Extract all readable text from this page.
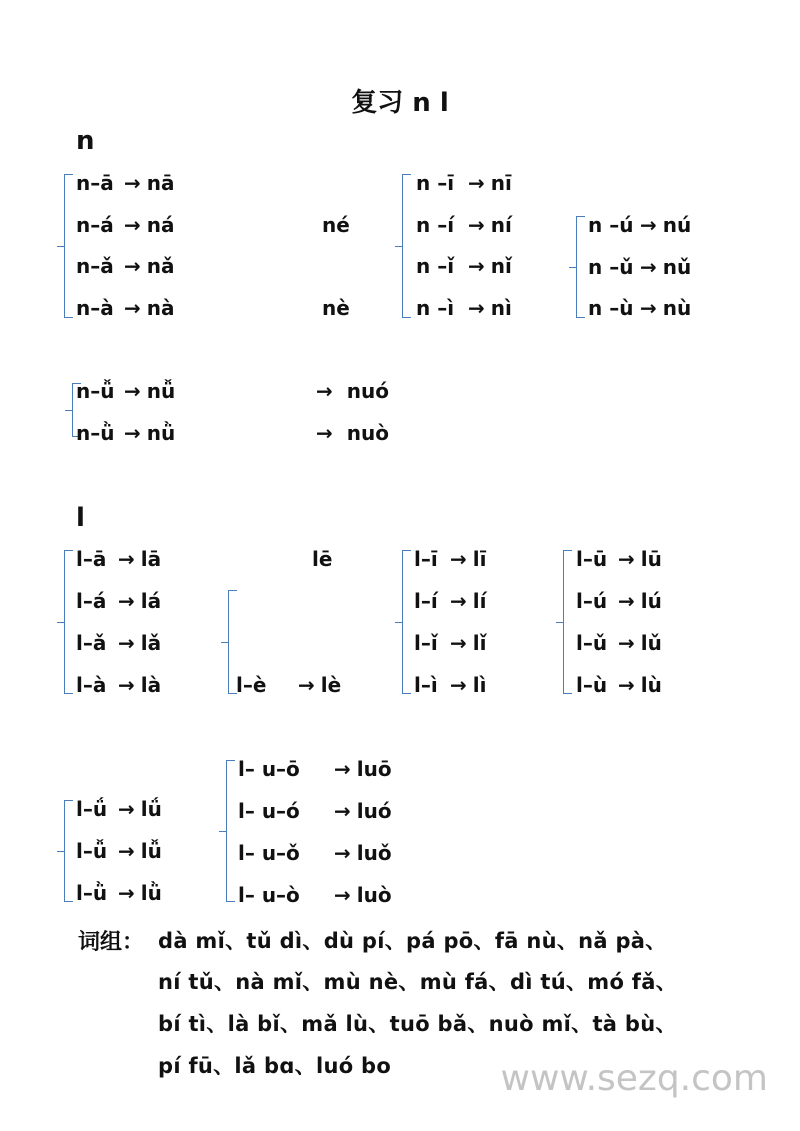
复习 n l
n
n–ā → nā
n–á → ná
n–ǎ → nǎ
n–à → nà
né
nè
n –ī → nī
n –í → ní
n –ǐ → nǐ
n –ì → nì
n –ú → nú
n –ǔ → nǔ
n –ù → nù
n–ǚ → nǚ
n–ǜ → nǜ
→ nuó
→ nuò
l
l–ā → lā
l–á → lá
l–ǎ → lǎ
l–à → là
lē
l–è → lè
l–ī → lī
l–í → lí
l–ǐ → lǐ
l–ì → lì
l–ū → lū
l–ú → lú
l–ǔ → lǔ
l–ù → lù
l–ǘ → lǘ
l–ǚ → lǚ
l–ǜ → lǜ
l– u–ō → luō
l– u–ó → luó
l– u–ǒ → luǒ
l– u–ò → luò
词组： dà mǐ、tǔ dì、dù pí、pá pō、fā nù、nǎ pà、
ní tǔ、nà mǐ、mù nè、mù fá、dì tú、mó fǎ、
bí tì、là bǐ、mǎ lù、tuō bǎ、nuò mǐ、tà bù、
pí fū、lǎ bɑ、luó bo	www.sezq.com
